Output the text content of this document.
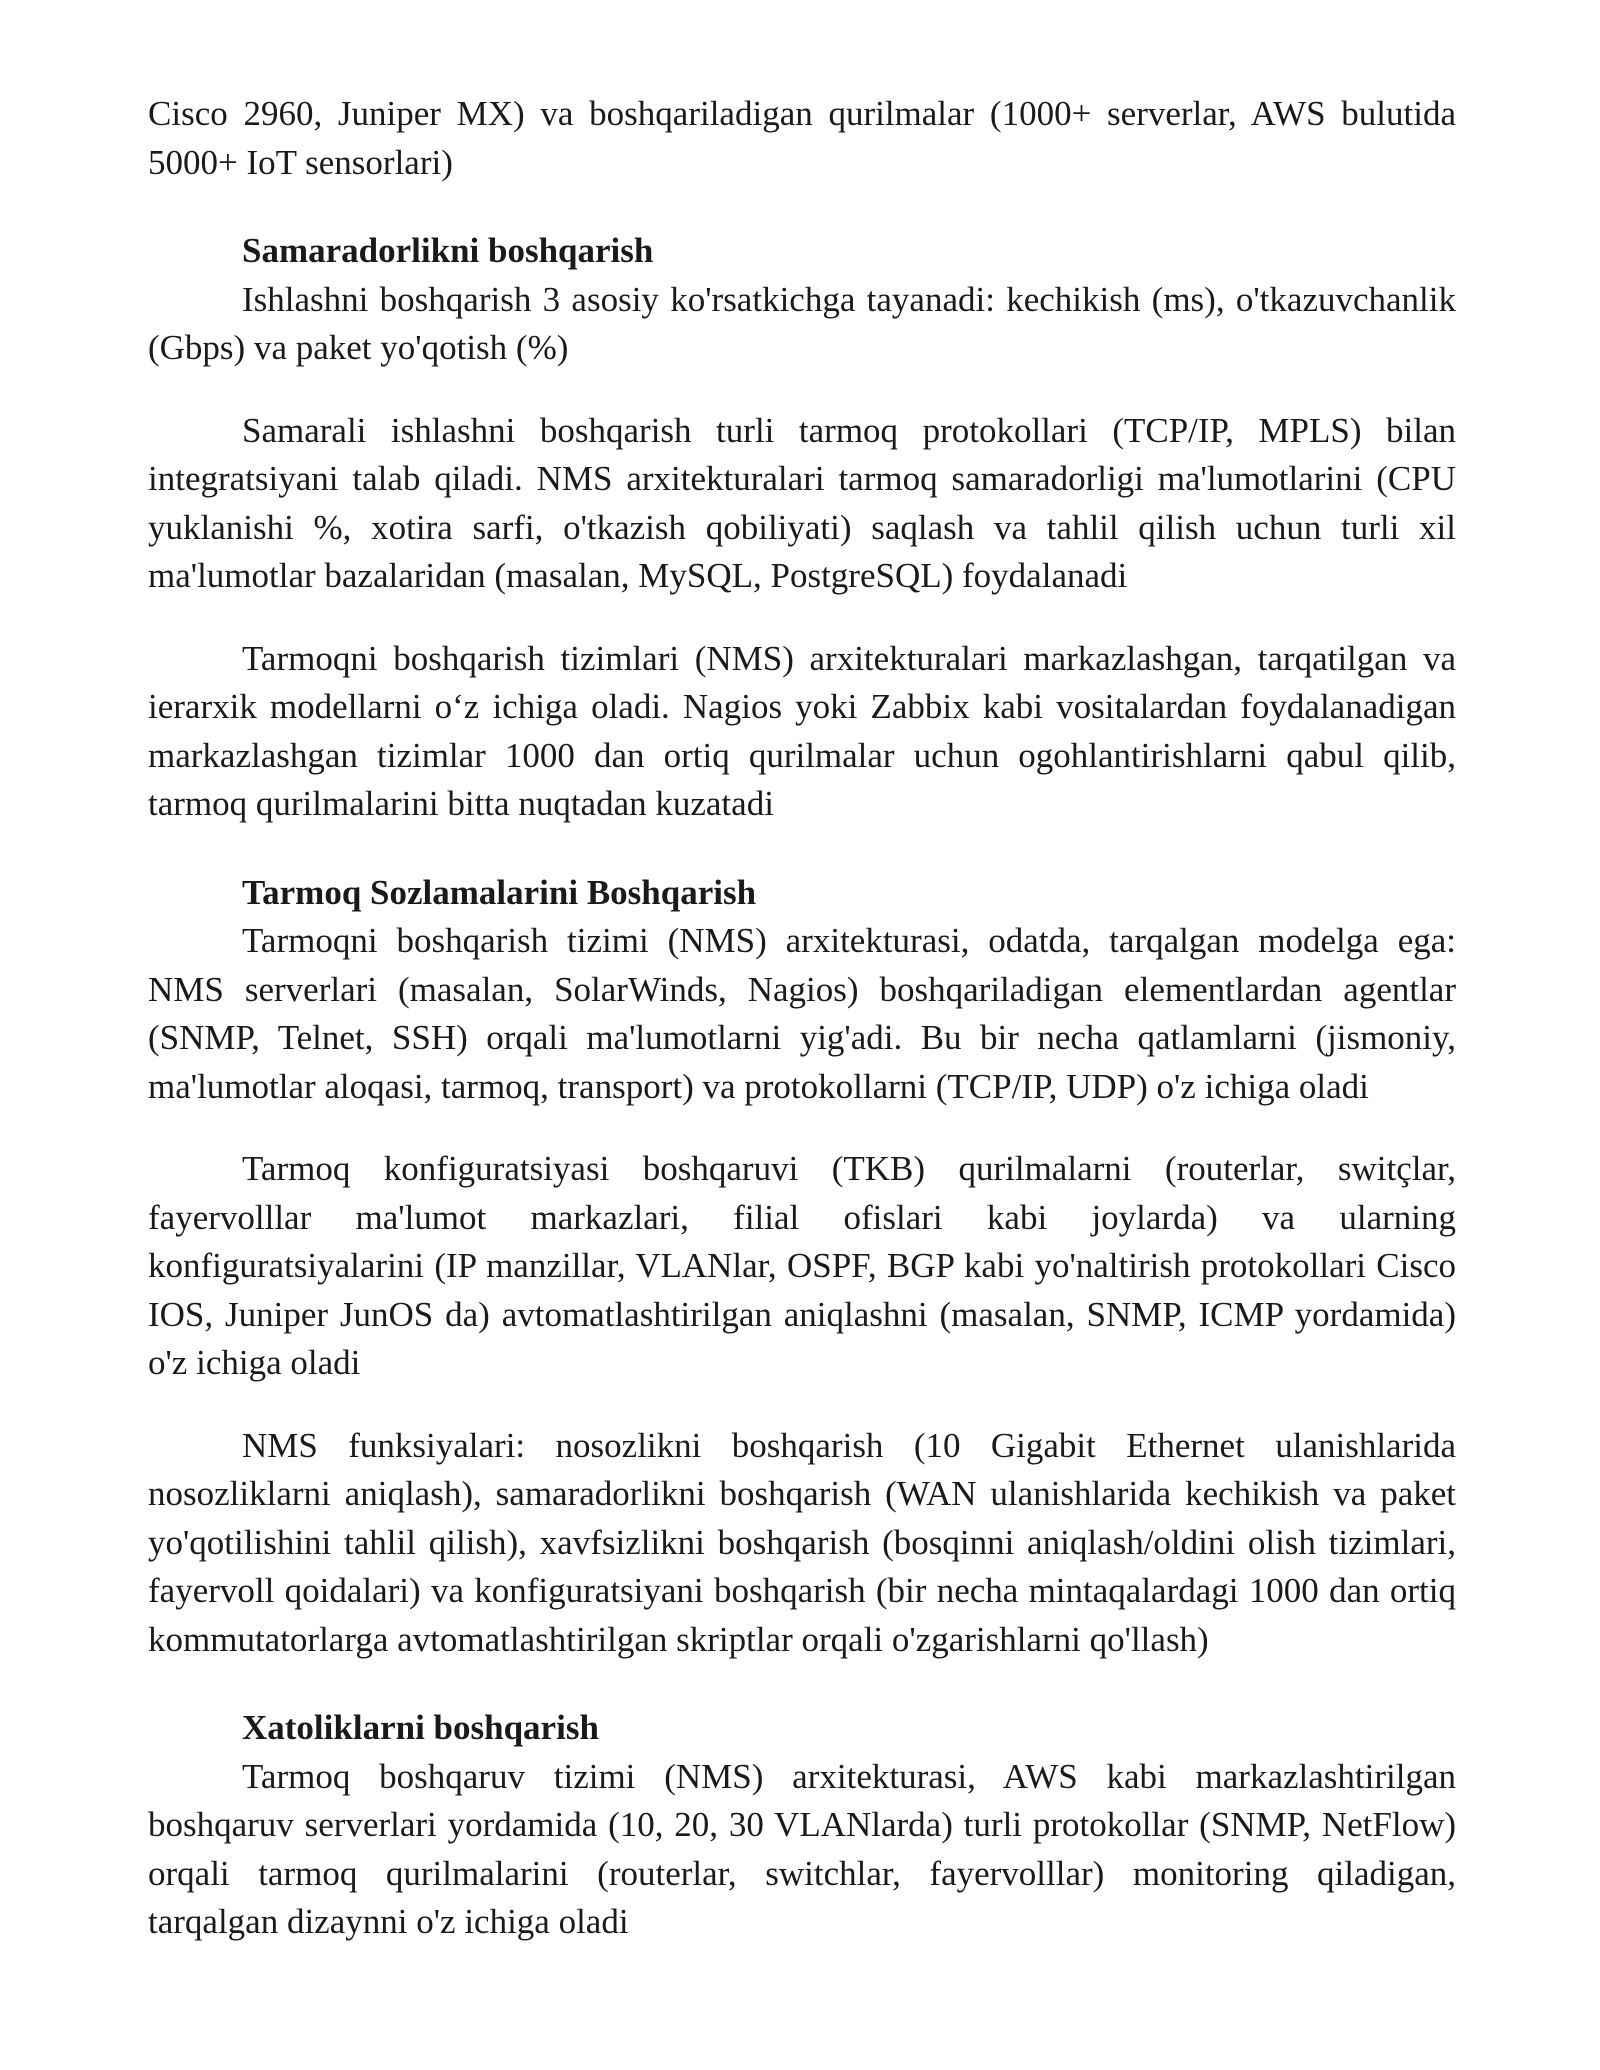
Cisco 2960, Juniper MX) va boshqariladigan qurilmalar (1000+ serverlar, AWS bulutida 5000+ IoT sensorlari)

Samaradorlikni boshqarish

Ishlashni boshqarish 3 asosiy ko'rsatkichga tayanadi: kechikish (ms), o'tkazuvchanlik (Gbps) va paket yo'qotish (%)

Samarali ishlashni boshqarish turli tarmoq protokollari (TCP/IP, MPLS) bilan integratsiyani talab qiladi. NMS arxitekturalari tarmoq samaradorligi ma'lumotlarini (CPU yuklanishi %, xotira sarfi, o'tkazish qobiliyati) saqlash va tahlil qilish uchun turli xil ma'lumotlar bazalaridan (masalan, MySQL, PostgreSQL) foydalanadi

Tarmoqni boshqarish tizimlari (NMS) arxitekturalari markazlashgan, tarqatilgan va ierarxik modellarni o‘z ichiga oladi. Nagios yoki Zabbix kabi vositalardan foydalanadigan markazlashgan tizimlar 1000 dan ortiq qurilmalar uchun ogohlantirishlarni qabul qilib, tarmoq qurilmalarini bitta nuqtadan kuzatadi

Tarmoq Sozlamalarini Boshqarish

Tarmoqni boshqarish tizimi (NMS) arxitekturasi, odatda, tarqalgan modelga ega: NMS serverlari (masalan, SolarWinds, Nagios) boshqariladigan elementlardan agentlar (SNMP, Telnet, SSH) orqali ma'lumotlarni yig'adi. Bu bir necha qatlamlarni (jismoniy, ma'lumotlar aloqasi, tarmoq, transport) va protokollarni (TCP/IP, UDP) o'z ichiga oladi

Tarmoq konfiguratsiyasi boshqaruvi (TKB) qurilmalarni (routerlar, switçlar, fayervolllar ma'lumot markazlari, filial ofislari kabi joylarda) va ularning konfiguratsiyalarini (IP manzillar, VLANlar, OSPF, BGP kabi yo'naltirish protokollari Cisco IOS, Juniper JunOS da) avtomatlashtirilgan aniqlashni (masalan, SNMP, ICMP yordamida) o'z ichiga oladi

NMS funksiyalari: nosozlikni boshqarish (10 Gigabit Ethernet ulanishlarida nosozliklarni aniqlash), samaradorlikni boshqarish (WAN ulanishlarida kechikish va paket yo'qotilishini tahlil qilish), xavfsizlikni boshqarish (bosqinni aniqlash/oldini olish tizimlari, fayervoll qoidalari) va konfiguratsiyani boshqarish (bir necha mintaqalardagi 1000 dan ortiq kommutatorlarga avtomatlashtirilgan skriptlar orqali o'zgarishlarni qo'llash)

Xatoliklarni boshqarish

Tarmoq boshqaruv tizimi (NMS) arxitekturasi, AWS kabi markazlashtirilgan boshqaruv serverlari yordamida (10, 20, 30 VLANlarda) turli protokollar (SNMP, NetFlow) orqali tarmoq qurilmalarini (routerlar, switchlar, fayervolllar) monitoring qiladigan, tarqalgan dizaynni o'z ichiga oladi
